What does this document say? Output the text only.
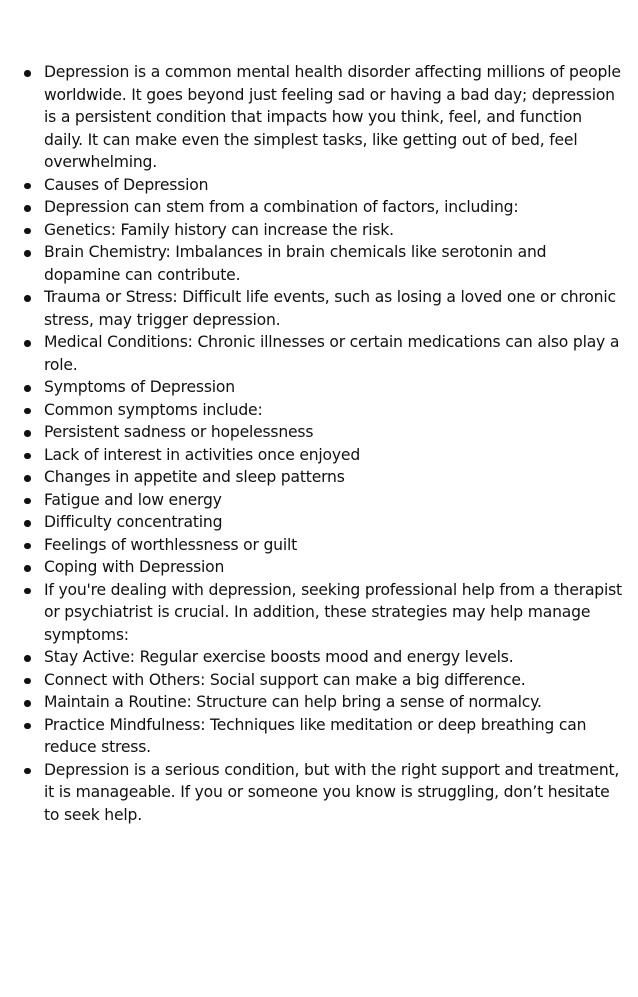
Depression is a common mental health disorder affecting millions of people worldwide. It goes beyond just feeling sad or having a bad day; depression is a persistent condition that impacts how you think, feel, and function daily. It can make even the simplest tasks, like getting out of bed, feel overwhelming.
Causes of Depression
Depression can stem from a combination of factors, including:
Genetics: Family history can increase the risk.
Brain Chemistry: Imbalances in brain chemicals like serotonin and dopamine can contribute.
Trauma or Stress: Difficult life events, such as losing a loved one or chronic stress, may trigger depression.
Medical Conditions: Chronic illnesses or certain medications can also play a role.
Symptoms of Depression
Common symptoms include:
Persistent sadness or hopelessness
Lack of interest in activities once enjoyed
Changes in appetite and sleep patterns
Fatigue and low energy
Difficulty concentrating
Feelings of worthlessness or guilt
Coping with Depression
If you're dealing with depression, seeking professional help from a therapist or psychiatrist is crucial. In addition, these strategies may help manage symptoms:
Stay Active: Regular exercise boosts mood and energy levels.
Connect with Others: Social support can make a big difference.
Maintain a Routine: Structure can help bring a sense of normalcy.
Practice Mindfulness: Techniques like meditation or deep breathing can reduce stress.
Depression is a serious condition, but with the right support and treatment, it is manageable. If you or someone you know is struggling, don’t hesitate to seek help.
